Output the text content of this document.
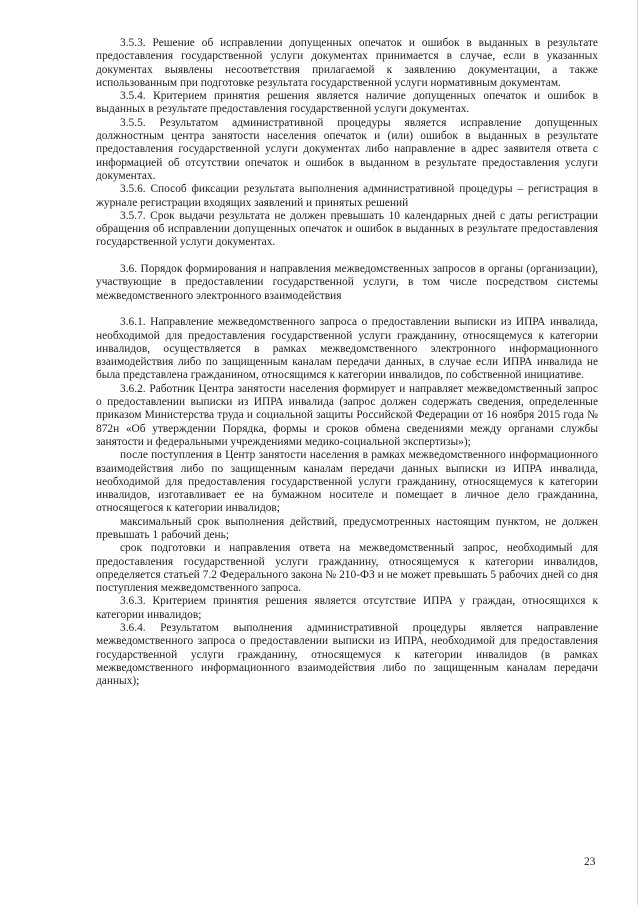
3.5.3. Решение об исправлении допущенных опечаток и ошибок в выданных в результате предоставления государственной услуги документах принимается в случае, если в указанных документах выявлены несоответствия прилагаемой к заявлению документации, а также использованным при подготовке результата государственной услуги нормативным документам.

3.5.4. Критерием принятия решения является наличие допущенных опечаток и ошибок в выданных в результате предоставления государственной услуги документах.

3.5.5. Результатом административной процедуры является исправление допущенных должностным центра занятости населения опечаток и (или) ошибок в выданных в результате предоставления государственной услуги документах либо направление в адрес заявителя ответа с информацией об отсутствии опечаток и ошибок в выданном в результате предоставления услуги документах.

3.5.6. Способ фиксации результата выполнения административной процедуры – регистрация в журнале регистрации входящих заявлений и принятых решений

3.5.7. Срок выдачи результата не должен превышать 10 календарных дней с даты регистрации обращения об исправлении допущенных опечаток и ошибок в выданных в результате предоставления государственной услуги документах.

3.6. Порядок формирования и направления межведомственных запросов в органы (организации), участвующие в предоставлении государственной услуги, в том числе посредством системы межведомственного электронного взаимодействия

3.6.1. Направление межведомственного запроса о предоставлении выписки из ИПРА инвалида, необходимой для предоставления государственной услуги гражданину, относящемуся к категории инвалидов, осуществляется в рамках межведомственного электронного информационного взаимодействия либо по защищенным каналам передачи данных, в случае если ИПРА инвалида не была представлена гражданином, относящимся к категории инвалидов, по собственной инициативе.

3.6.2. Работник Центра занятости населения формирует и направляет межведомственный запрос о предоставлении выписки из ИПРА инвалида (запрос должен содержать сведения, определенные приказом Министерства труда и социальной защиты Российской Федерации от 16 ноября 2015 года № 872н «Об утверждении Порядка, формы и сроков обмена сведениями между органами службы занятости и федеральными учреждениями медико-социальной экспертизы»);

после поступления в Центр занятости населения в рамках межведомственного информационного взаимодействия либо по защищенным каналам передачи данных выписки из ИПРА инвалида, необходимой для предоставления государственной услуги гражданину, относящемуся к категории инвалидов, изготавливает ее на бумажном носителе и помещает в личное дело гражданина, относящегося к категории инвалидов;

максимальный срок выполнения действий, предусмотренных настоящим пунктом, не должен превышать 1 рабочий день;

срок подготовки и направления ответа на межведомственный запрос, необходимый для предоставления государственной услуги гражданину, относящемуся к категории инвалидов, определяется статьей 7.2 Федерального закона № 210-ФЗ и не может превышать 5 рабочих дней со дня поступления межведомственного запроса.

3.6.3. Критерием принятия решения является отсутствие ИПРА у граждан, относящихся к категории инвалидов;

3.6.4. Результатом выполнения административной процедуры является направление межведомственного запроса о предоставлении выписки из ИПРА, необходимой для предоставления государственной услуги гражданину, относящемуся к категории инвалидов (в рамках межведомственного информационного взаимодействия либо по защищенным каналам передачи данных);

23
